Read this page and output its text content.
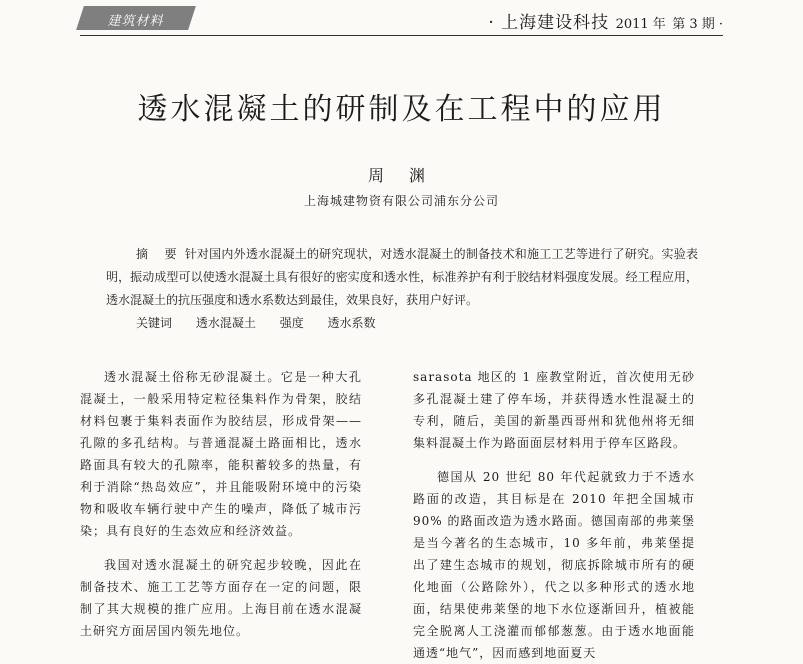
建筑材料	· 上海建设科技 2011 年 第 3 期 ·
透水混凝土的研制及在工程中的应用
周 渊
上海城建物资有限公司浦东分公司
摘　要 针对国内外透水混凝土的研究现状，对透水混凝土的制备技术和施工工艺等进行了研究。实验表明，振动成型可以使透水混凝土具有很好的密实度和透水性，标准养护有利于胶结材料强度发展。经工程应用，透水混凝土的抗压强度和透水系数达到最佳，效果良好，获用户好评。
关键词 透水混凝土 强度 透水系数

透水混凝土俗称无砂混凝土。它是一种大孔混凝土，一般采用特定粒径集料作为骨架，胶结材料包裹于集料表面作为胶结层，形成骨架——孔隙的多孔结构。与普通混凝土路面相比，透水路面具有较大的孔隙率，能积蓄较多的热量，有利于消除“热岛效应”，并且能吸附环境中的污染物和吸收车辆行驶中产生的噪声，降低了城市污染；具有良好的生态效应和经济效益。

我国对透水混凝土的研究起步较晚，因此在制备技术、施工工艺等方面存在一定的问题，限制了其大规模的推广应用。上海目前在透水混凝土研究方面居国内领先地位。

sarasota 地区的 1 座教堂附近，首次使用无砂多孔混凝土建了停车场，并获得透水性混凝土的专利，随后，美国的新墨西哥州和犹他州将无细集料混凝土作为路面面层材料用于停车区路段。

德国从 20 世纪 80 年代起就致力于不透水路面的改造，其目标是在 2010 年把全国城市 90% 的路面改造为透水路面。德国南部的弗莱堡是当今著名的生态城市，10 多年前，弗莱堡提出了建生态城市的规划，彻底拆除城市所有的硬化地面（公路除外），代之以多种形式的透水地面，结果使弗莱堡的地下水位逐渐回升，植被能完全脱离人工浇灌而郁郁葱葱。由于透水地面能通透“地气”，因而感到地面夏天
